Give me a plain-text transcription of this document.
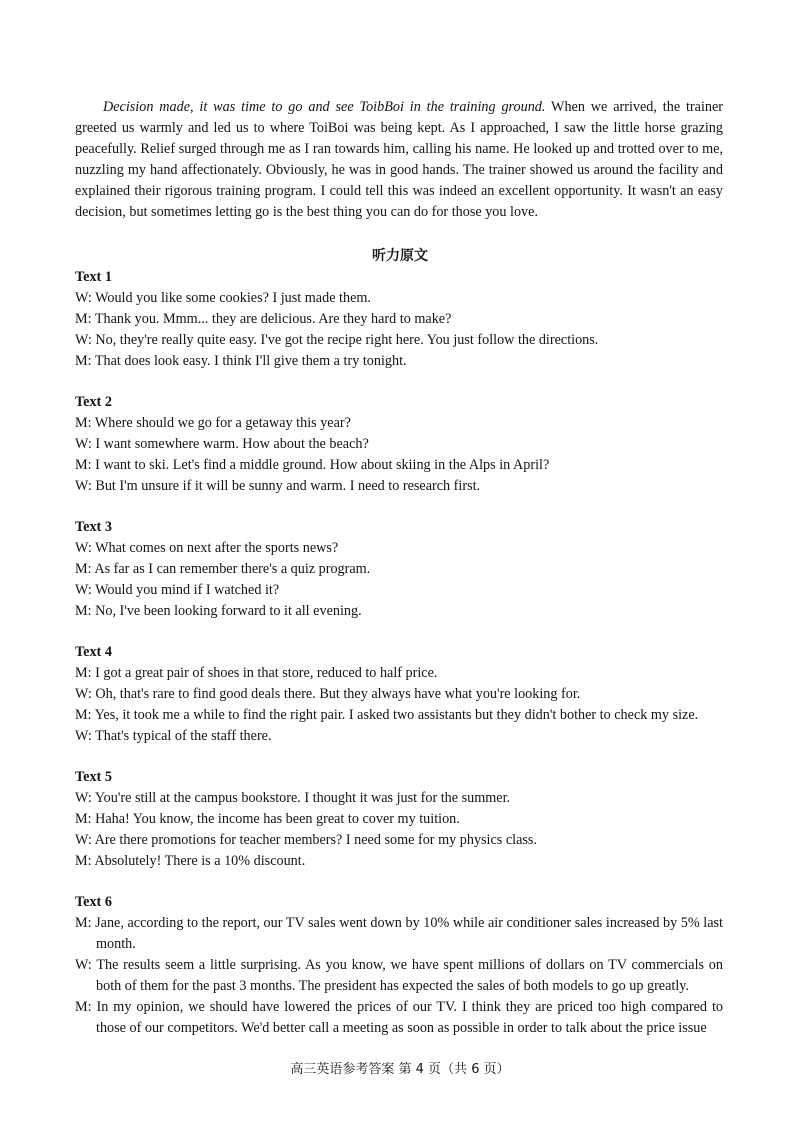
Decision made, it was time to go and see ToibBoi in the training ground. When we arrived, the trainer greeted us warmly and led us to where ToiBoi was being kept. As I approached, I saw the little horse grazing peacefully. Relief surged through me as I ran towards him, calling his name. He looked up and trotted over to me, nuzzling my hand affectionately. Obviously, he was in good hands. The trainer showed us around the facility and explained their rigorous training program. I could tell this was indeed an excellent opportunity. It wasn't an easy decision, but sometimes letting go is the best thing you can do for those you love.

听力原文

Text 1

W: Would you like some cookies? I just made them.

M: Thank you. Mmm... they are delicious. Are they hard to make?

W: No, they're really quite easy. I've got the recipe right here. You just follow the directions.

M: That does look easy. I think I'll give them a try tonight.

Text 2

M: Where should we go for a getaway this year?

W: I want somewhere warm. How about the beach?

M: I want to ski. Let's find a middle ground. How about skiing in the Alps in April?

W: But I'm unsure if it will be sunny and warm. I need to research first.

Text 3

W: What comes on next after the sports news?

M: As far as I can remember there's a quiz program.

W: Would you mind if I watched it?

M: No, I've been looking forward to it all evening.

Text 4

M: I got a great pair of shoes in that store, reduced to half price.

W: Oh, that's rare to find good deals there. But they always have what you're looking for.

M: Yes, it took me a while to find the right pair. I asked two assistants but they didn't bother to check my size.

W: That's typical of the staff there.

Text 5

W: You're still at the campus bookstore. I thought it was just for the summer.

M: Haha! You know, the income has been great to cover my tuition.

W: Are there promotions for teacher members? I need some for my physics class.

M: Absolutely! There is a 10% discount.

Text 6

M: Jane, according to the report, our TV sales went down by 10% while air conditioner sales increased by 5% last month.

W: The results seem a little surprising. As you know, we have spent millions of dollars on TV commercials on both of them for the past 3 months. The president has expected the sales of both models to go up greatly.

M: In my opinion, we should have lowered the prices of our TV. I think they are priced too high compared to those of our competitors. We'd better call a meeting as soon as possible in order to talk about the price issue

高三英语参考答案 第 4 页（共 6 页）
